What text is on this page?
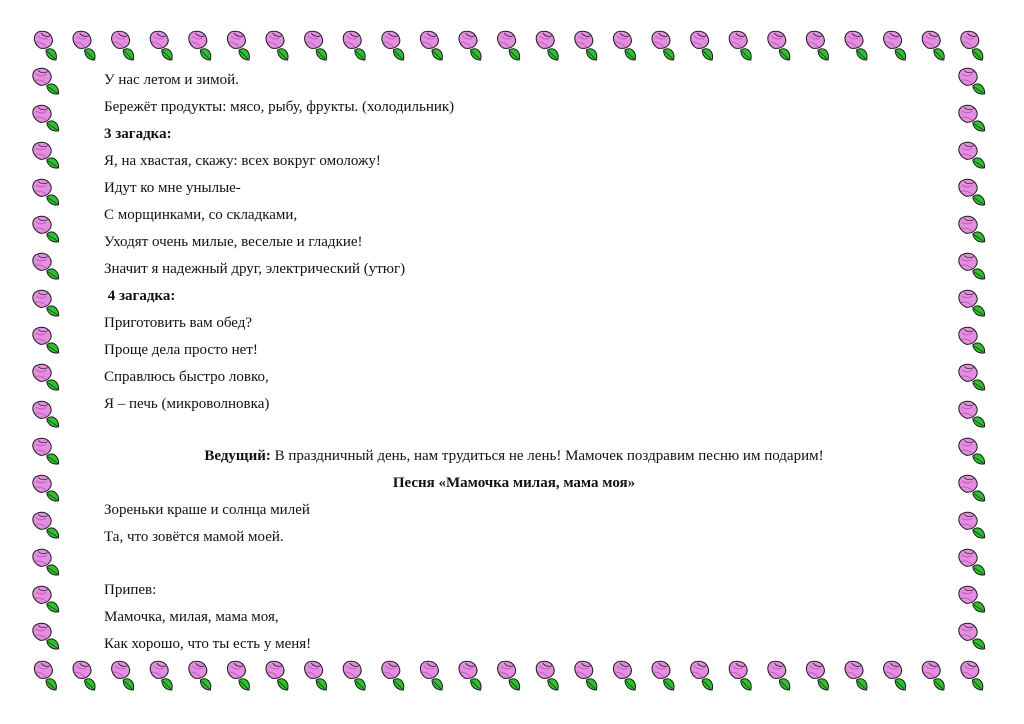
У нас летом и зимой.
Бережёт продукты: мясо, рыбу, фрукты. (холодильник)
3 загадка:
Я, на хвастая, скажу: всех вокруг омоложу!
Идут ко мне унылые-
С морщинками, со складками,
Уходят очень милые, веселые и гладкие!
Значит я надежный друг, электрический (утюг)
4 загадка:
Приготовить вам обед?
Проще дела просто нет!
Справлюсь быстро ловко,
Я – печь (микроволновка)
Ведущий: В праздничный день, нам трудиться не лень! Мамочек поздравим песню им подарим!
Песня «Мамочка милая, мама моя»
Зореньки краше и солнца милей
Та, что зовётся мамой моей.
Припев:
Мамочка, милая, мама моя,
Как хорошо, что ты есть у меня!
